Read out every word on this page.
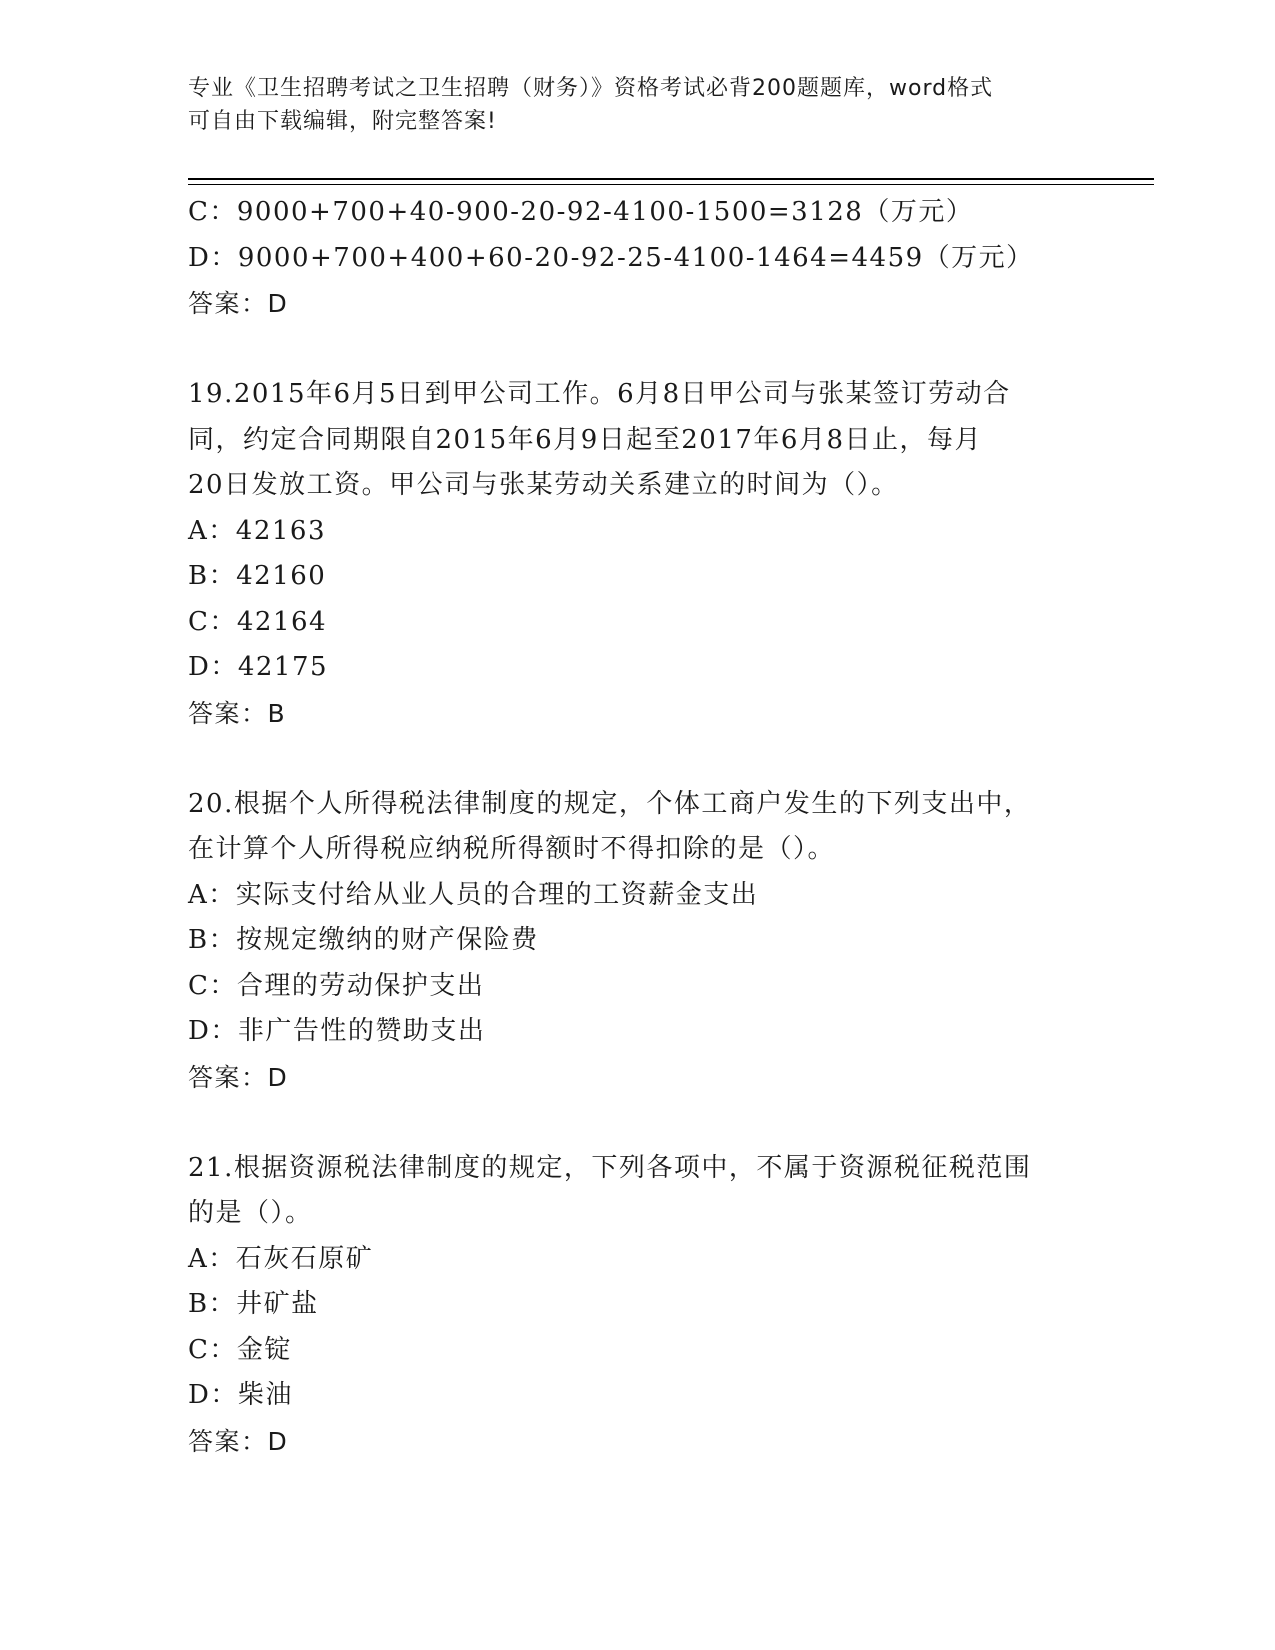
专业《卫生招聘考试之卫生招聘（财务）》资格考试必背200题题库，word格式
可自由下载编辑，附完整答案!
C：9000+700+40-900-20-92-4100-1500=3128（万元）
D：9000+700+400+60-20-92-25-4100-1464=4459（万元）
答案：D
19.2015年6月5日到甲公司工作。6月8日甲公司与张某签订劳动合
同，约定合同期限自2015年6月9日起至2017年6月8日止，每月
20日发放工资。甲公司与张某劳动关系建立的时间为（）。
A：42163
B：42160
C：42164
D：42175
答案：B
20.根据个人所得税法律制度的规定，个体工商户发生的下列支出中，
在计算个人所得税应纳税所得额时不得扣除的是（）。
A：实际支付给从业人员的合理的工资薪金支出
B：按规定缴纳的财产保险费
C：合理的劳动保护支出
D：非广告性的赞助支出
答案：D
21.根据资源税法律制度的规定，下列各项中，不属于资源税征税范围
的是（）。
A：石灰石原矿
B：井矿盐
C：金锭
D：柴油
答案：D
